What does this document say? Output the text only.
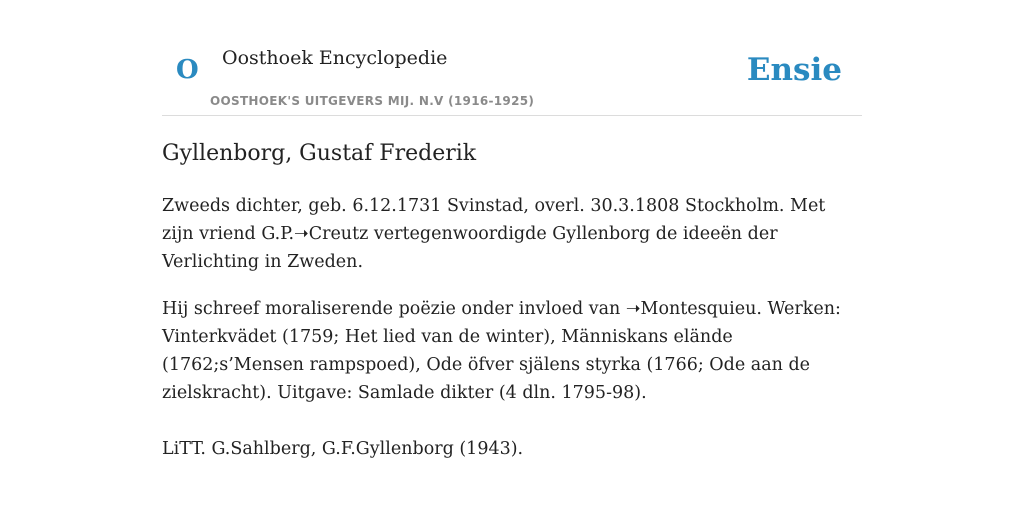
O Oosthoek Encyclopedie
OOSTHOEK'S UITGEVERS MIJ. N.V (1916-1925)
Ensie
Gyllenborg, Gustaf Frederik

Zweeds dichter, geb. 6.12.1731 Svinstad, overl. 30.3.1808 Stockholm. Met zijn vriend G.P.➝Creutz vertegenwoordigde Gyllenborg de ideeën der Verlichting in Zweden.

Hij schreef moraliserende poëzie onder invloed van ➝Montesquieu. Werken: Vinterkvädet (1759; Het lied van de winter), Människans elände (1762;s’Mensen rampspoed), Ode öfver själens styrka (1766; Ode aan de zielskracht). Uitgave: Samlade dikter (4 dln. 1795-98).

LiTT. G.Sahlberg, G.F.Gyllenborg (1943).
